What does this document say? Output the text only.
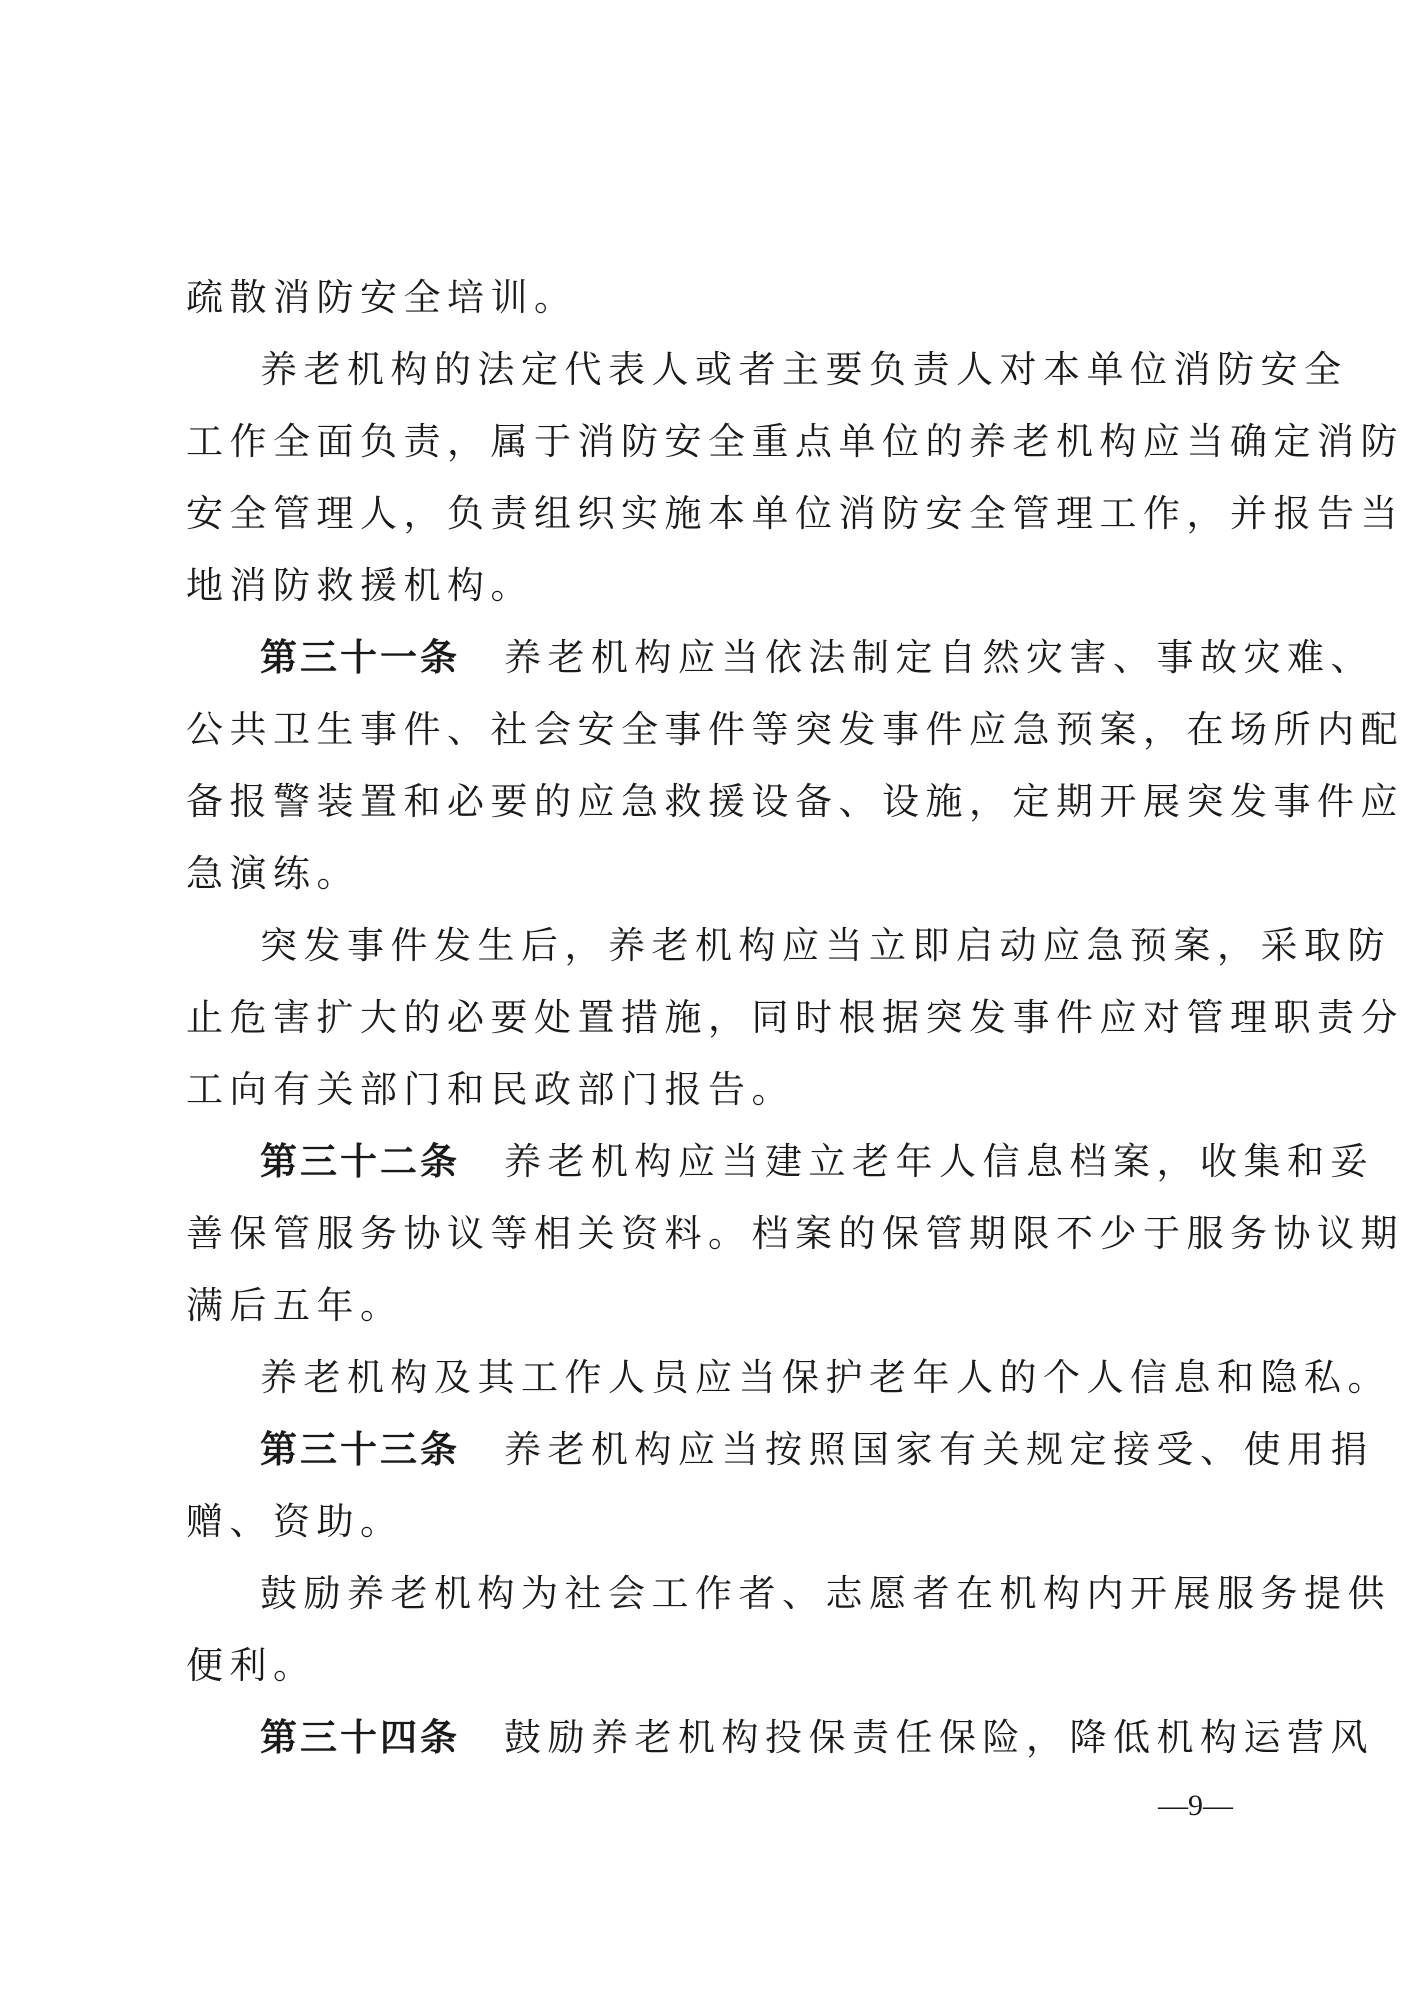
疏散消防安全培训。
养老机构的法定代表人或者主要负责人对本单位消防安全
工作全面负责，属于消防安全重点单位的养老机构应当确定消防
安全管理人，负责组织实施本单位消防安全管理工作，并报告当
地消防救援机构。
第三十一条 养老机构应当依法制定自然灾害、事故灾难、
公共卫生事件、社会安全事件等突发事件应急预案，在场所内配
备报警装置和必要的应急救援设备、设施，定期开展突发事件应
急演练。
突发事件发生后，养老机构应当立即启动应急预案，采取防
止危害扩大的必要处置措施，同时根据突发事件应对管理职责分
工向有关部门和民政部门报告。
第三十二条 养老机构应当建立老年人信息档案，收集和妥
善保管服务协议等相关资料。档案的保管期限不少于服务协议期
满后五年。
养老机构及其工作人员应当保护老年人的个人信息和隐私。
第三十三条 养老机构应当按照国家有关规定接受、使用捐
赠、资助。
鼓励养老机构为社会工作者、志愿者在机构内开展服务提供
便利。
第三十四条 鼓励养老机构投保责任保险，降低机构运营风
—9—
